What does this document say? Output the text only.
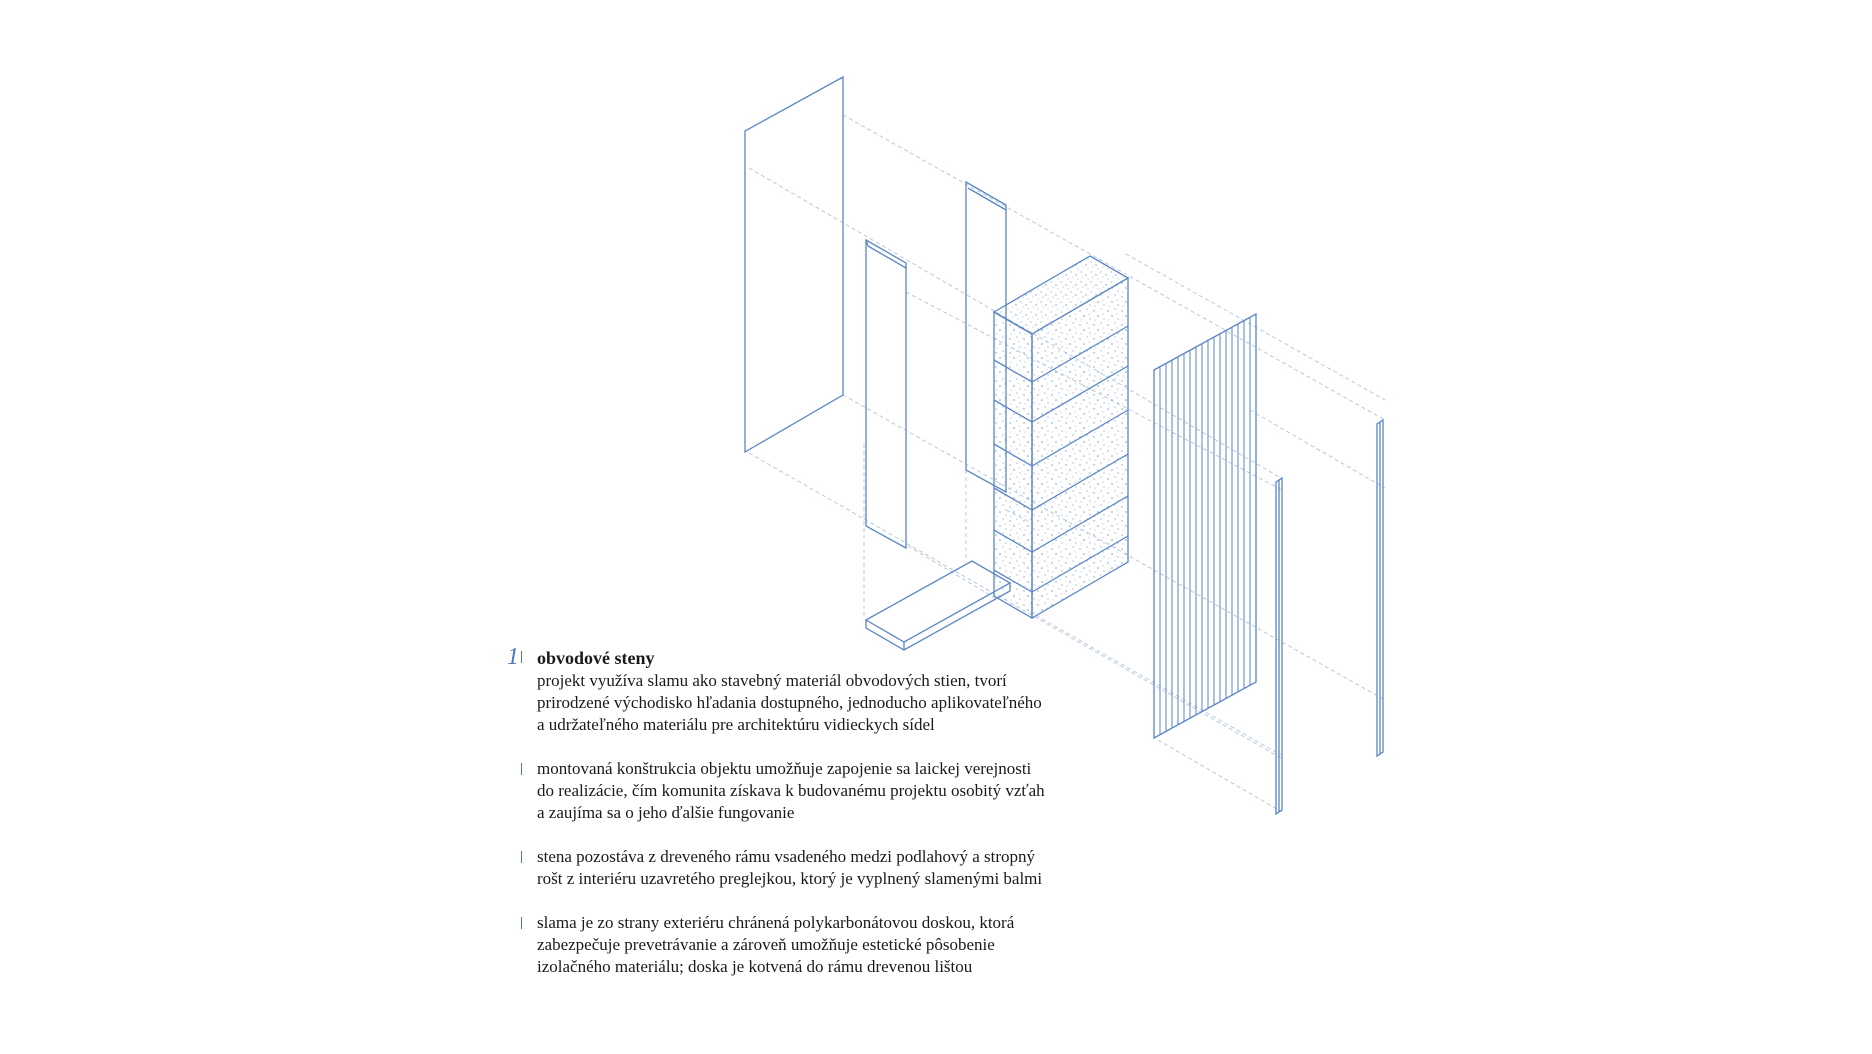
1 obvodové steny
projekt využíva slamu ako stavebný materiál obvodových stien, tvorí
prirodzené východisko hľadania dostupného, jednoducho aplikovateľného
a udržateľného materiálu pre architektúru vidieckych sídel
montovaná konštrukcia objektu umožňuje zapojenie sa laickej verejnosti
do realizácie, čím komunita získava k budovanému projektu osobitý vzťah
a zaujíma sa o jeho ďalšie fungovanie
stena pozostáva z dreveného rámu vsadeného medzi podlahový a stropný
rošt z interiéru uzavretého preglejkou, ktorý je vyplnený slamenými balmi
slama je zo strany exteriéru chránená polykarbonátovou doskou, ktorá
zabezpečuje prevetrávanie a zároveň umožňuje estetické pôsobenie
izolačného materiálu; doska je kotvená do rámu drevenou lištou
